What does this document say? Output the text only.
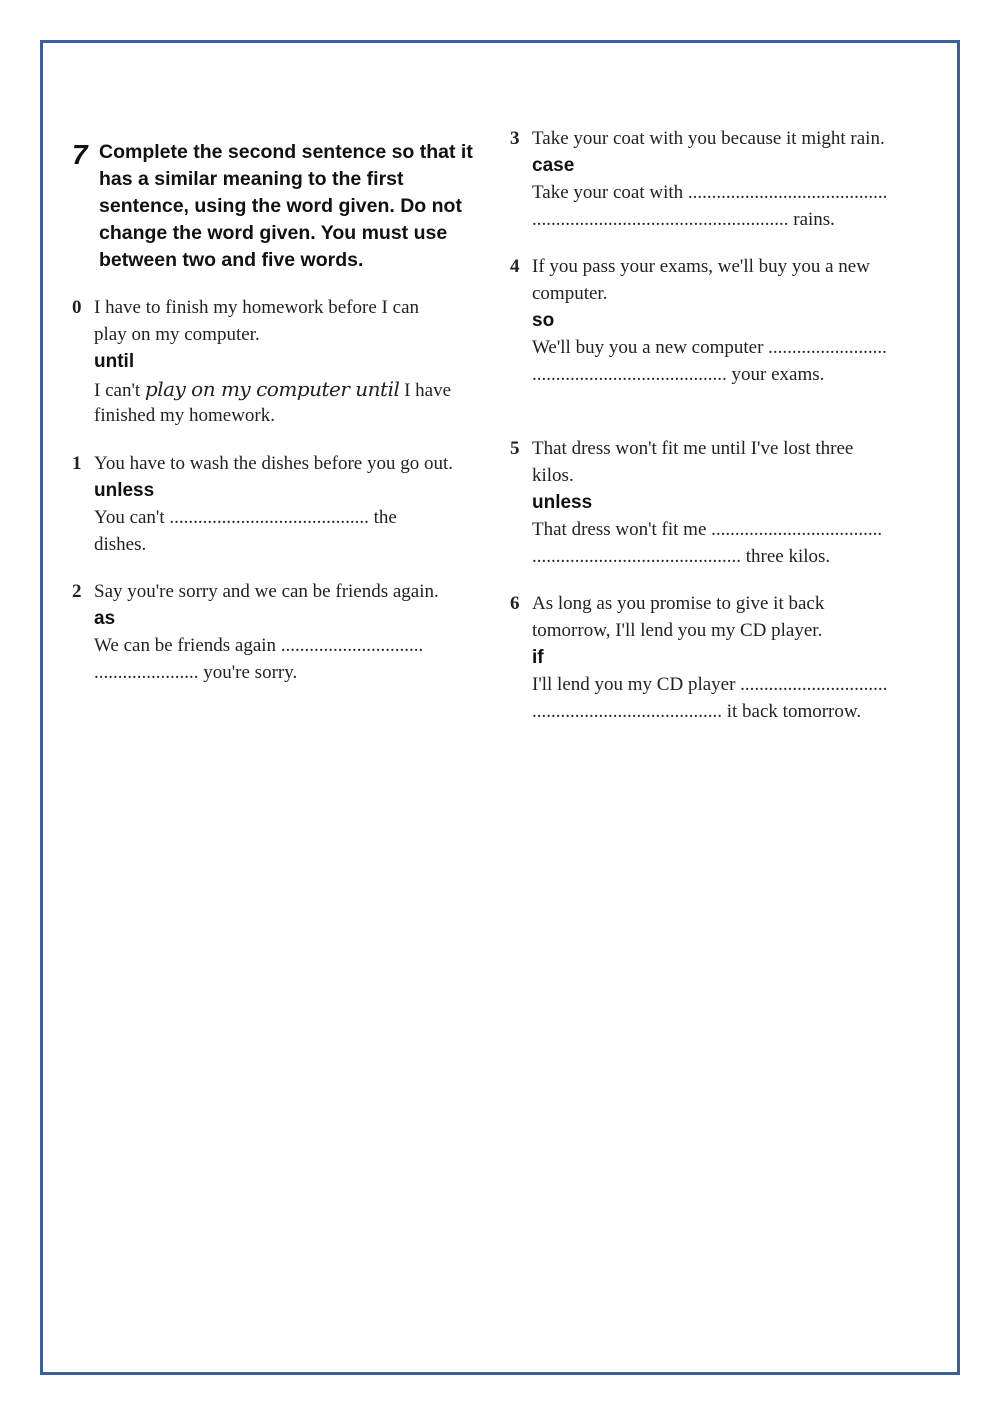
7 Complete the second sentence so that it
has a similar meaning to the first
sentence, using the word given. Do not
change the word given. You must use
between two and five words.
0 I have to finish my homework before I can
play on my computer.
until
I can't play on my computer until I have
finished my homework.
1 You have to wash the dishes before you go out.
unless
You can't .......................................... the
dishes.
2 Say you're sorry and we can be friends again.
as
We can be friends again ..............................
...................... you're sorry.
3 Take your coat with you because it might rain.
case
Take your coat with ..........................................
...................................................... rains.
4 If you pass your exams, we'll buy you a new
computer.
so
We'll buy you a new computer .........................
......................................... your exams.
5 That dress won't fit me until I've lost three
kilos.
unless
That dress won't fit me ....................................
............................................ three kilos.
6 As long as you promise to give it back
tomorrow, I'll lend you my CD player.
if
I'll lend you my CD player ...............................
........................................ it back tomorrow.
